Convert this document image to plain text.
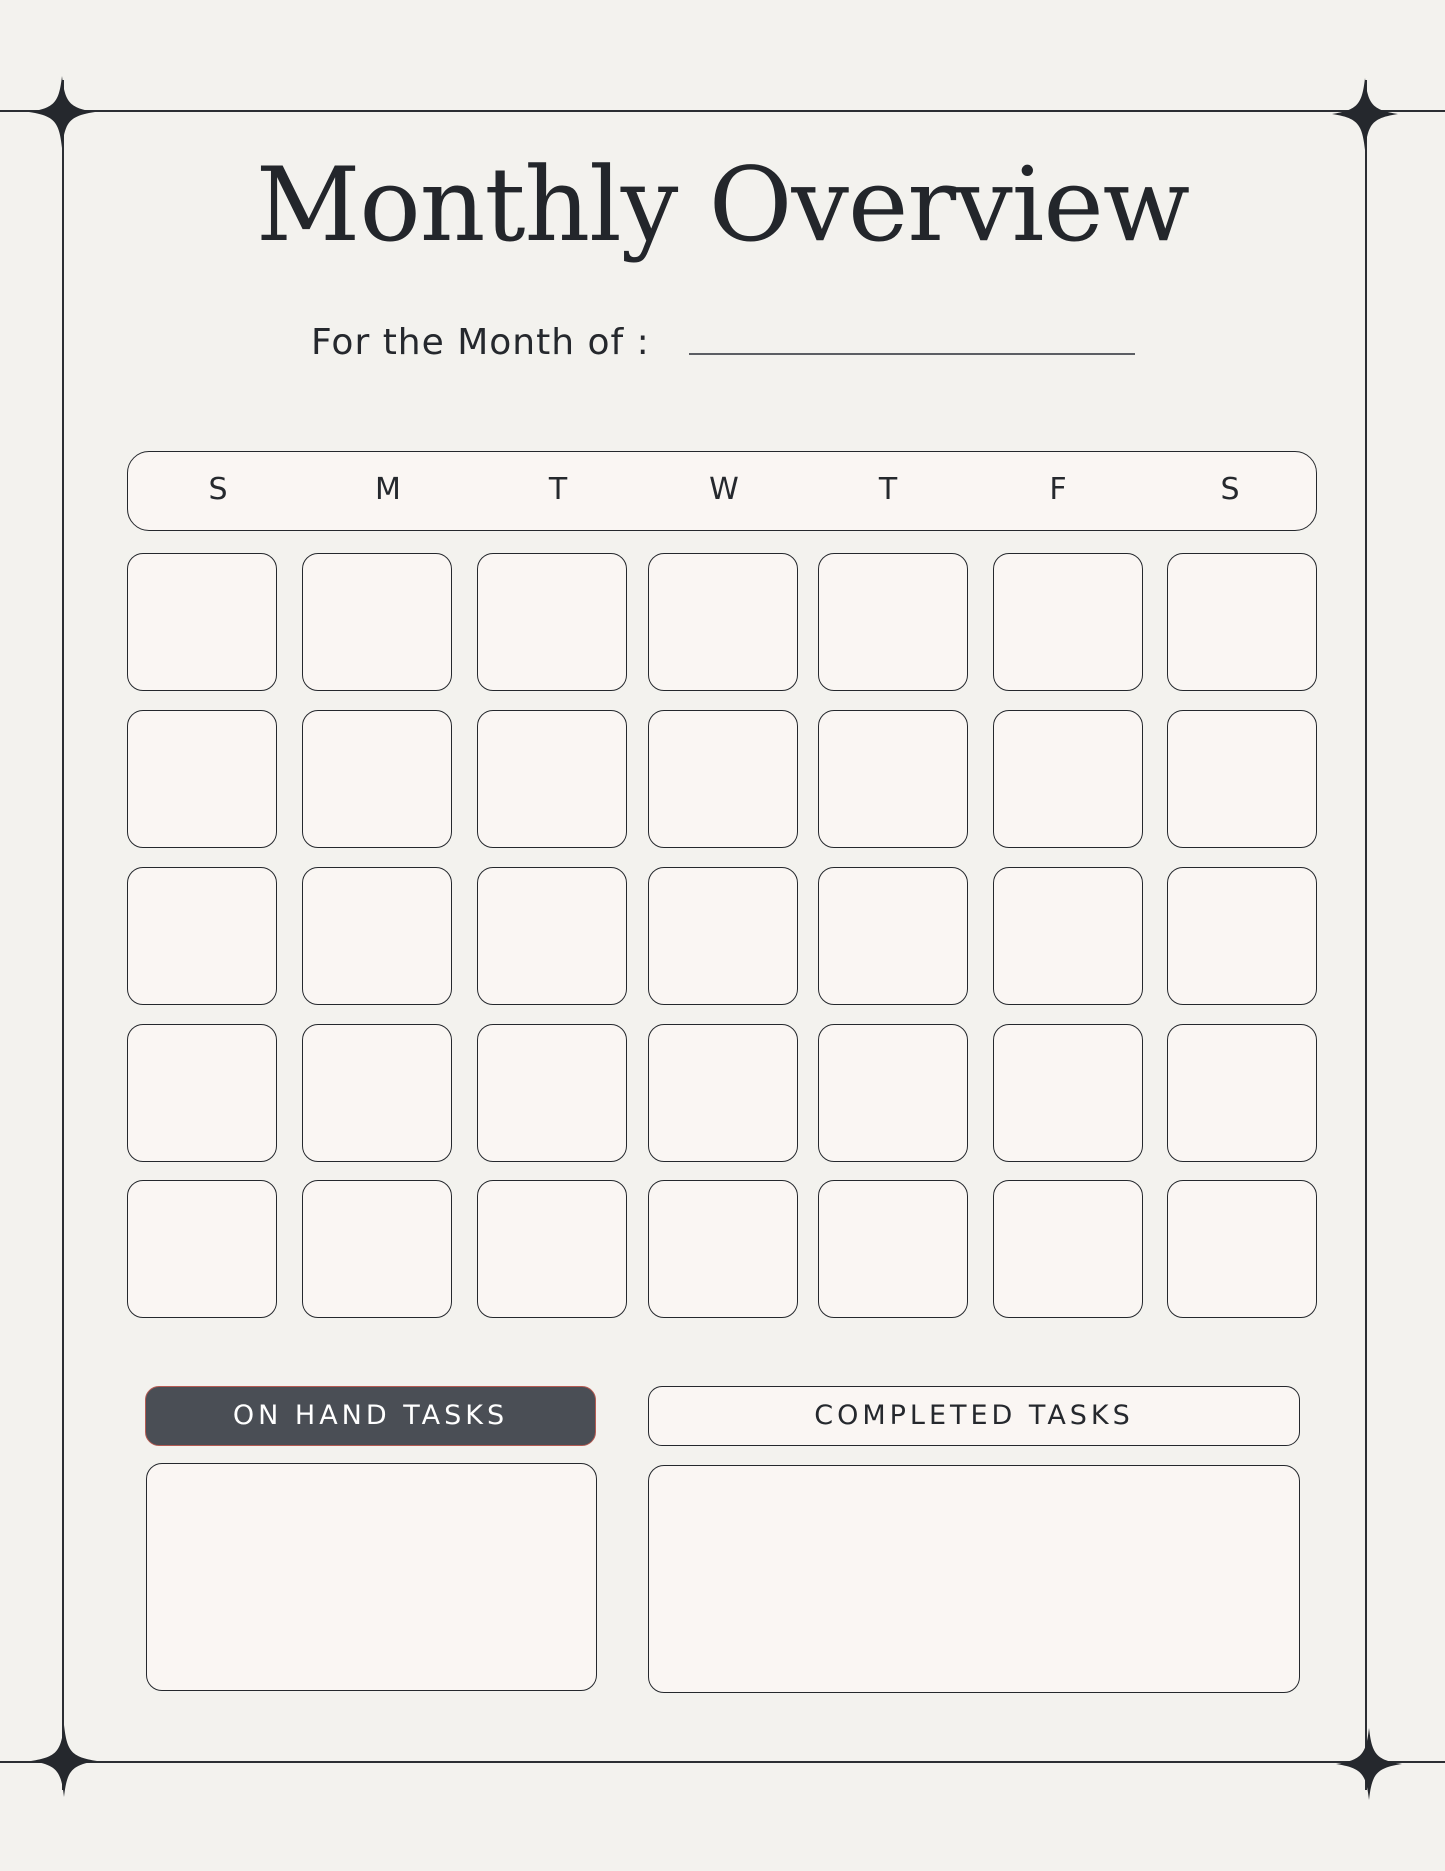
Monthly Overview
For the Month of :
S	M	T	W	T	F	S
ON HAND TASKS	COMPLETED TASKS
